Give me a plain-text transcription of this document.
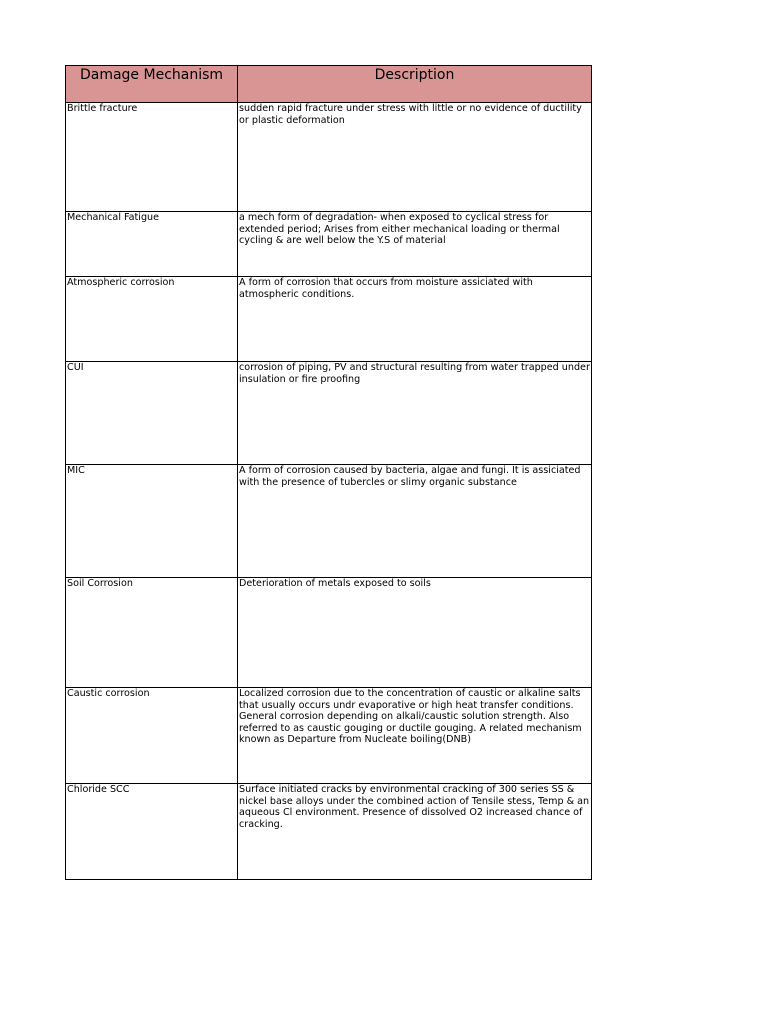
Damage Mechanism	Description

Brittle fracture	sudden rapid fracture under stress with little or no evidence of ductility or plastic deformation
Mechanical Fatigue	a mech form of degradation- when exposed to cyclical stress for extended period; Arises from either mechanical loading or thermal cycling & are well below the Y.S of material
Atmospheric corrosion	A form of corrosion that occurs from moisture assiciated with atmospheric conditions.
CUI	corrosion of piping, PV and structural resulting from water trapped under insulation or fire proofing
MIC	A form of corrosion caused by bacteria, algae and fungi. It is assiciated with the presence of tubercles or slimy organic substance
Soil Corrosion	Deterioration of metals exposed to soils
Caustic corrosion	Localized corrosion due to the concentration of caustic or alkaline salts that usually occurs undr evaporative or high heat transfer conditions. General corrosion depending on alkali/caustic solution strength. Also referred to as caustic gouging or ductile gouging. A related mechanism known as Departure from Nucleate boiling(DNB)
Chloride SCC	Surface initiated cracks by environmental cracking of 300 series SS & nickel base alloys under the combined action of Tensile stess, Temp & an aqueous Cl environment. Presence of dissolved O2 increased chance of cracking.
